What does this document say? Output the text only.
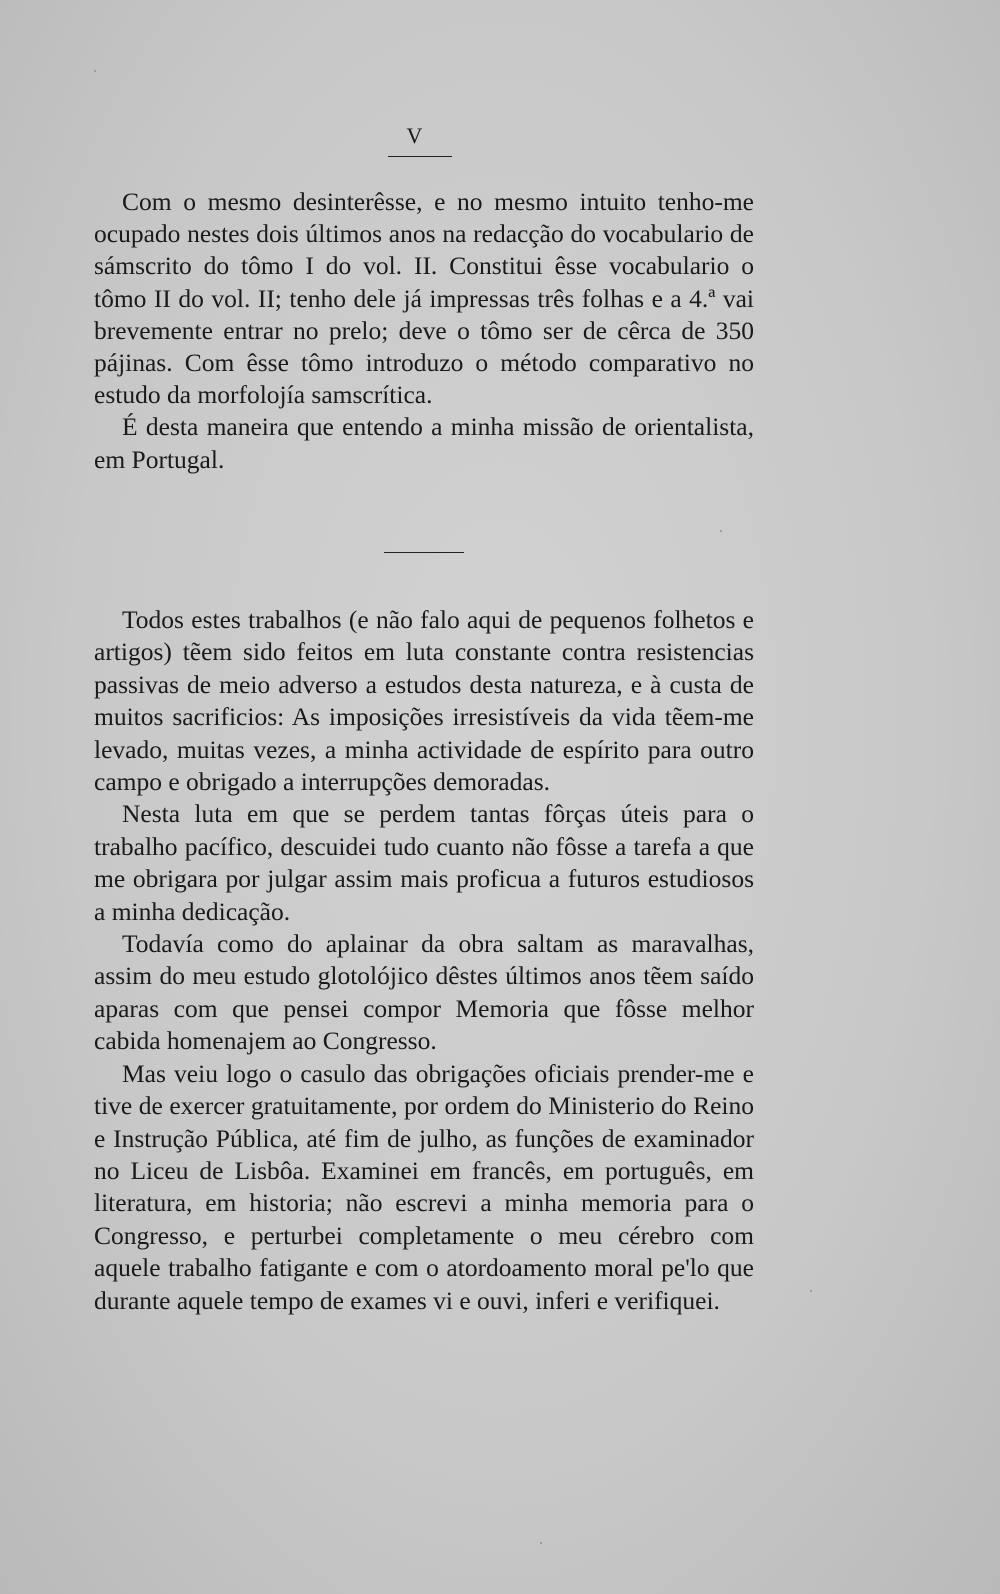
V

Com o mesmo desinterêsse, e no mesmo intuito tenho-me ocupado nestes dois últimos anos na redacção do vocabulario de sámscrito do tômo I do vol. II. Constitui êsse vocabulario o tômo II do vol. II; tenho dele já impressas três folhas e a 4.ª vai brevemente entrar no prelo; deve o tômo ser de cêrca de 350 pájinas. Com êsse tômo introduzo o método comparativo no estudo da morfolojía samscrítica.

É desta maneira que entendo a minha missão de orientalista, em Portugal.

Todos estes trabalhos (e não falo aqui de pequenos folhetos e artigos) tẽem sido feitos em luta constante contra resistencias passivas de meio adverso a estudos desta natureza, e à custa de muitos sacrificios: As imposições irresistíveis da vida tẽem-me levado, muitas vezes, a minha actividade de espírito para outro campo e obrigado a interrupções demoradas.

Nesta luta em que se perdem tantas fôrças úteis para o trabalho pacífico, descuidei tudo cuanto não fôsse a tarefa a que me obrigara por julgar assim mais proficua a futuros estudiosos a minha dedicação.

Todavía como do aplainar da obra saltam as maravalhas, assim do meu estudo glotolójico dêstes últimos anos tẽem saído aparas com que pensei compor Memoria que fôsse melhor cabida homenajem ao Congresso.

Mas veiu logo o casulo das obrigações oficiais prender-me e tive de exercer gratuitamente, por ordem do Ministerio do Reino e Instrução Pública, até fim de julho, as funções de examinador no Liceu de Lisbôa. Examinei em francês, em português, em literatura, em historia; não escrevi a minha memoria para o Congresso, e perturbei completamente o meu cérebro com aquele trabalho fatigante e com o atordoamento moral pe'lo que durante aquele tempo de exames vi e ouvi, inferi e verifiquei.
